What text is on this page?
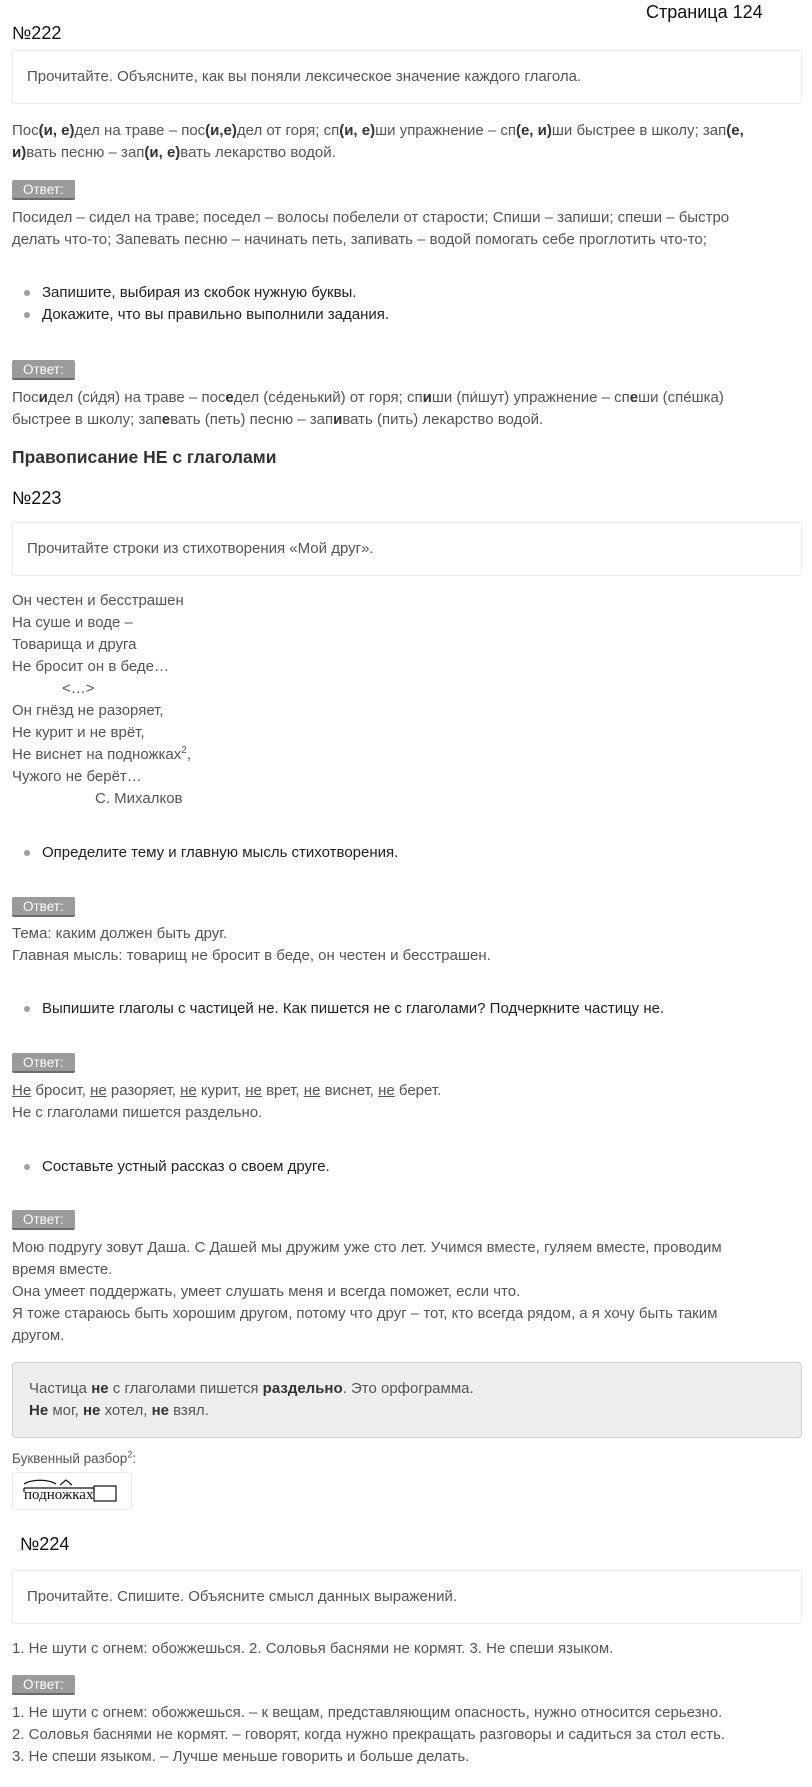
Страница 124
№222
Прочитайте. Объясните, как вы поняли лексическое значение каждого глагола.
Пос(и, е)дел на траве – пос(и,е)дел от горя; сп(и, е)ши упражнение – сп(е, и)ши быстрее в школу; зап(е,
и)вать песню – зап(и, е)вать лекарство водой.
Ответ:
Посидел – сидел на траве; поседел – волосы побелели от старости; Спиши – запиши; спеши – быстро
делать что-то; Запевать песню – начинать петь, запивать – водой помогать себе проглотить что-то;
Запишите, выбирая из скобок нужную буквы.
Докажите, что вы правильно выполнили задания.
Ответ:
Посидел (си́дя) на траве – поседел (се́денький) от горя; спиши (пи́шут) упражнение – спеши (спе́шка)
быстрее в школу; запевать (петь) песню – запивать (пить) лекарство водой.
Правописание НЕ с глаголами
№223
Прочитайте строки из стихотворения «Мой друг».
Он честен и бесстрашен
На суше и воде –
Товарища и друга
Не бросит он в беде…
<…>
Он гнёзд не разоряет,
Не курит и не врёт,
Не виснет на подножках$^2$,
Чужого не берёт…
С. Михалков
Определите тему и главную мысль стихотворения.
Ответ:
Тема: каким должен быть друг.
Главная мысль: товарищ не бросит в беде, он честен и бесстрашен.
Выпишите глаголы с частицей не. Как пишется не с глаголами? Подчеркните частицу не.
Ответ:
Не бросит, не разоряет, не курит, не врет, не виснет, не берет.
Не с глаголами пишется раздельно.
Составьте устный рассказ о своем друге.
Ответ:
Мою подругу зовут Даша. С Дашей мы дружим уже сто лет. Учимся вместе, гуляем вместе, проводим
время вместе.
Она умеет поддержать, умеет слушать меня и всегда поможет, если что.
Я тоже стараюсь быть хорошим другом, потому что друг – тот, кто всегда рядом, а я хочу быть таким
другом.
Частица не с глаголами пишется раздельно. Это орфограмма.
Не мог, не хотел, не взял.
Буквенный разбор$^2$:
подножках
№224
Прочитайте. Спишите. Объясните смысл данных выражений.
1. Не шути с огнем: обожжешься. 2. Соловья баснями не кормят. 3. Не спеши языком.
Ответ:
1. Не шути с огнем: обожжешься. – к вещам, представляющим опасность, нужно относится серьезно.
2. Соловья баснями не кормят. – говорят, когда нужно прекращать разговоры и садиться за стол есть.
3. Не спеши языком. – Лучше меньше говорить и больше делать.
